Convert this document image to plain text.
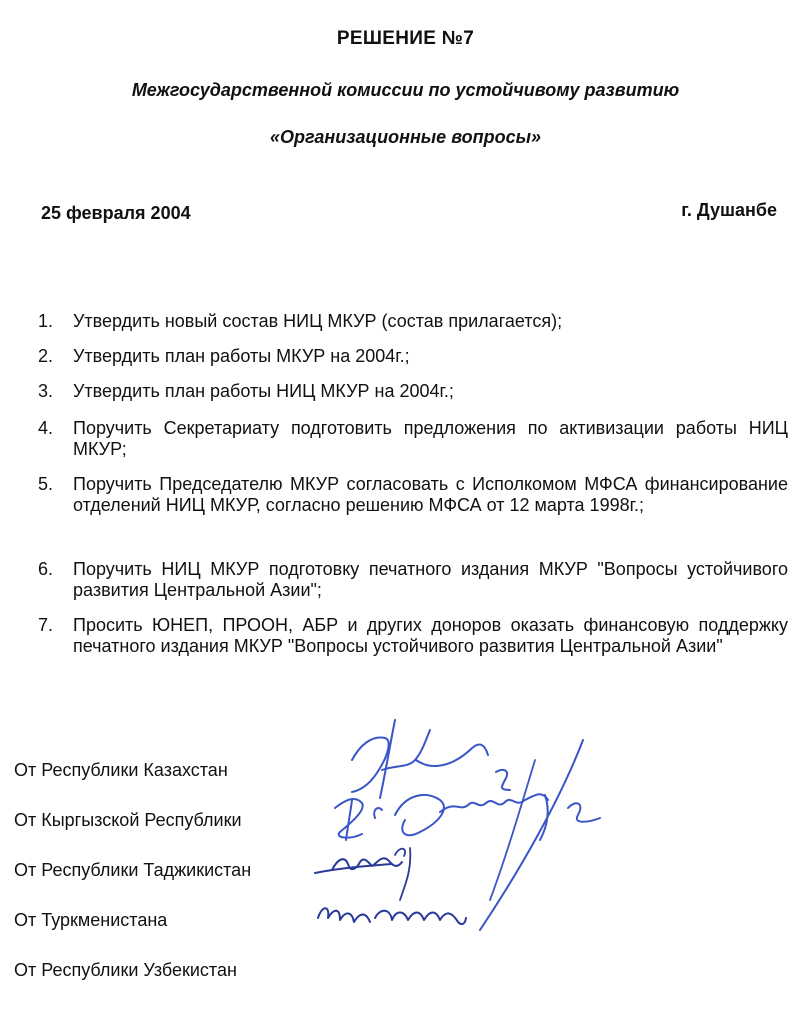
РЕШЕНИЕ №7
Межгосударственной комиссии по устойчивому развитию
«Организационные вопросы»
25 февраля 2004	г. Душанбе
1.	Утвердить новый состав НИЦ МКУР (состав прилагается);
2.	Утвердить план работы МКУР на 2004г.;
3.	Утвердить план работы НИЦ МКУР на 2004г.;
4.	Поручить Секретариату подготовить предложения по активизации работы НИЦ МКУР;
5.	Поручить Председателю МКУР согласовать с Исполкомом МФСА финансирование отделений НИЦ МКУР, согласно решению МФСА от 12 марта 1998г.;
6.	Поручить НИЦ МКУР подготовку печатного издания МКУР "Вопросы устойчивого развития Центральной Азии";
7.	Просить ЮНЕП, ПРООН, АБР и других доноров оказать финансовую поддержку печатного издания МКУР "Вопросы устойчивого развития Центральной Азии"
От Республики Казахстан
От Кыргызской Республики
От Республики Таджикистан
От Туркменистана
От Республики Узбекистан
